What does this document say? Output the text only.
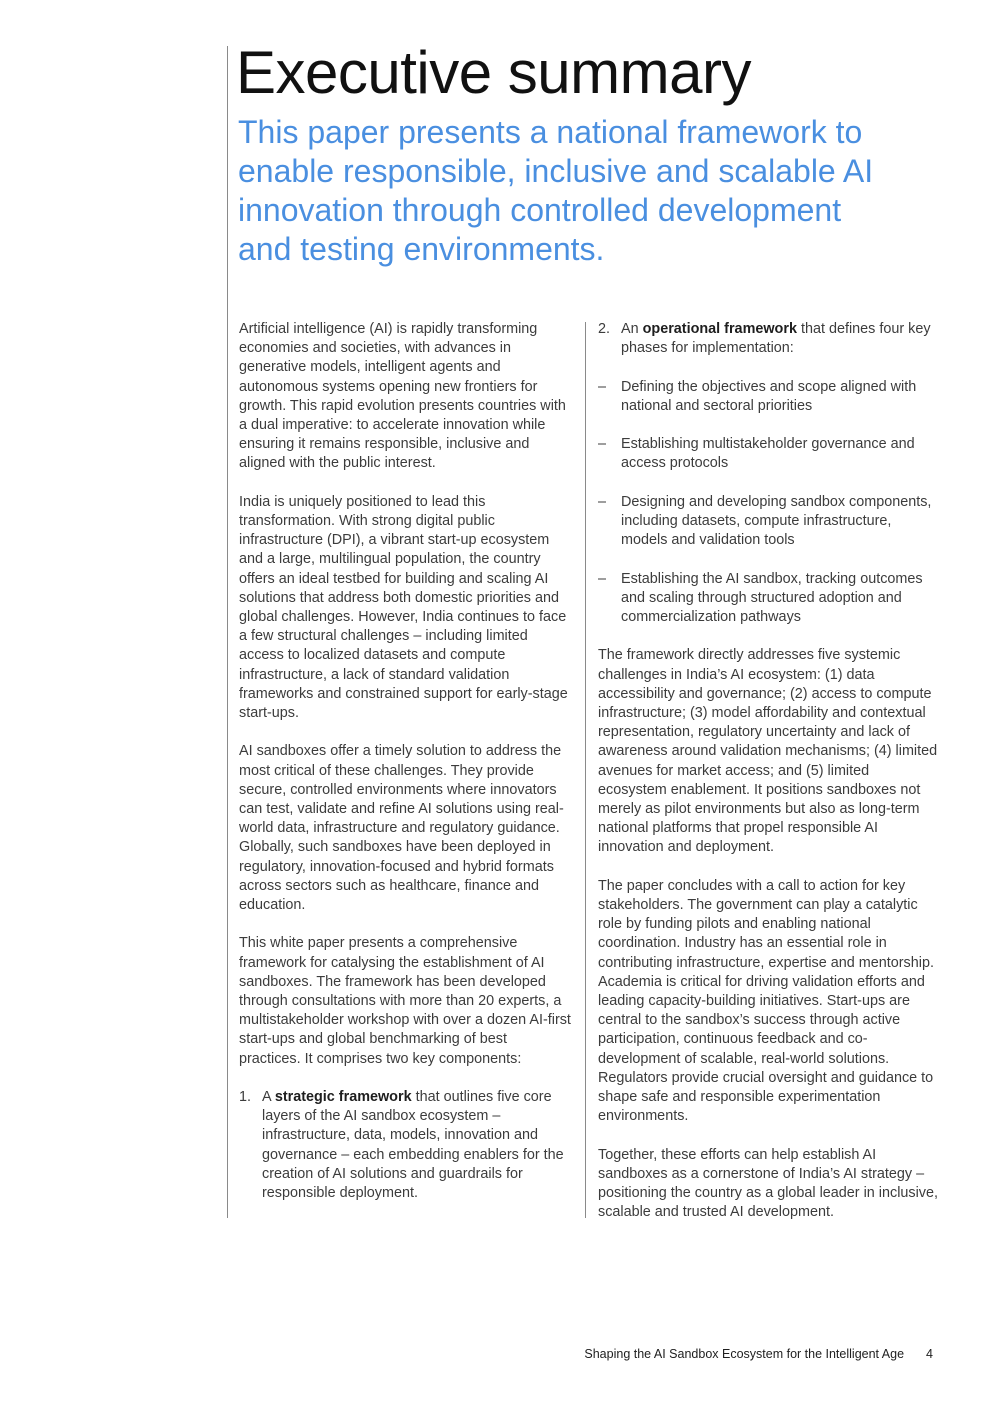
Executive summary

This paper presents a national framework to enable responsible, inclusive and scalable AI innovation through controlled development and testing environments.

Artificial intelligence (AI) is rapidly transforming economies and societies, with advances in generative models, intelligent agents and autonomous systems opening new frontiers for growth. This rapid evolution presents countries with a dual imperative: to accelerate innovation while ensuring it remains responsible, inclusive and aligned with the public interest.

India is uniquely positioned to lead this transformation. With strong digital public infrastructure (DPI), a vibrant start-up ecosystem and a large, multilingual population, the country offers an ideal testbed for building and scaling AI solutions that address both domestic priorities and global challenges. However, India continues to face a few structural challenges – including limited access to localized datasets and compute infrastructure, a lack of standard validation frameworks and constrained support for early-stage start-ups.

AI sandboxes offer a timely solution to address the most critical of these challenges. They provide secure, controlled environments where innovators can test, validate and refine AI solutions using real-world data, infrastructure and regulatory guidance. Globally, such sandboxes have been deployed in regulatory, innovation-focused and hybrid formats across sectors such as healthcare, finance and education.

This white paper presents a comprehensive framework for catalysing the establishment of AI sandboxes. The framework has been developed through consultations with more than 20 experts, a multistakeholder workshop with over a dozen AI-first start-ups and global benchmarking of best practices. It comprises two key components:

1. A strategic framework that outlines five core layers of the AI sandbox ecosystem – infrastructure, data, models, innovation and governance – each embedding enablers for the creation of AI solutions and guardrails for responsible deployment.
2. An operational framework that defines four key phases for implementation:
– Defining the objectives and scope aligned with national and sectoral priorities
– Establishing multistakeholder governance and access protocols
– Designing and developing sandbox components, including datasets, compute infrastructure, models and validation tools
– Establishing the AI sandbox, tracking outcomes and scaling through structured adoption and commercialization pathways

The framework directly addresses five systemic challenges in India’s AI ecosystem: (1) data accessibility and governance; (2) access to compute infrastructure; (3) model affordability and contextual representation, regulatory uncertainty and lack of awareness around validation mechanisms; (4) limited avenues for market access; and (5) limited ecosystem enablement. It positions sandboxes not merely as pilot environments but also as long-term national platforms that propel responsible AI innovation and deployment.

The paper concludes with a call to action for key stakeholders. The government can play a catalytic role by funding pilots and enabling national coordination. Industry has an essential role in contributing infrastructure, expertise and mentorship. Academia is critical for driving validation efforts and leading capacity-building initiatives. Start-ups are central to the sandbox’s success through active participation, continuous feedback and co-development of scalable, real-world solutions. Regulators provide crucial oversight and guidance to shape safe and responsible experimentation environments.

Together, these efforts can help establish AI sandboxes as a cornerstone of India’s AI strategy – positioning the country as a global leader in inclusive, scalable and trusted AI development.

Shaping the AI Sandbox Ecosystem for the Intelligent Age 4
